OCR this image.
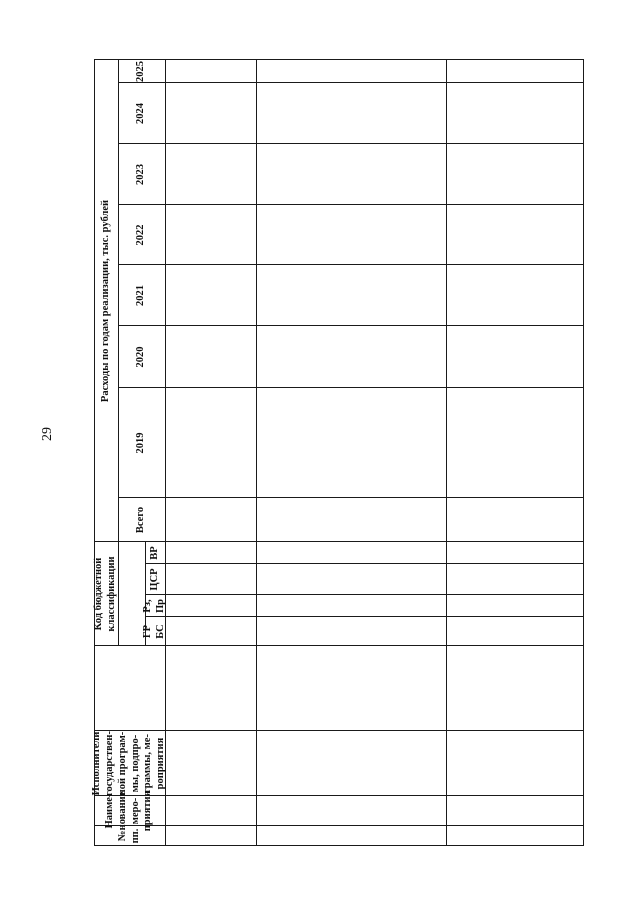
29
№
пп.
Наиме-
нование
меро-
приятия
Исполнители
государствен-
ной програм-
мы, подпро-
граммы, ме-
роприятия
Код бюджетной
классификации
Расходы по годам реализации, тыс. рублей
ГР
БС
Рз,
Пр
ЦСР
ВР
Всего
2019
2020
2021
2022
2023
2024
2025
